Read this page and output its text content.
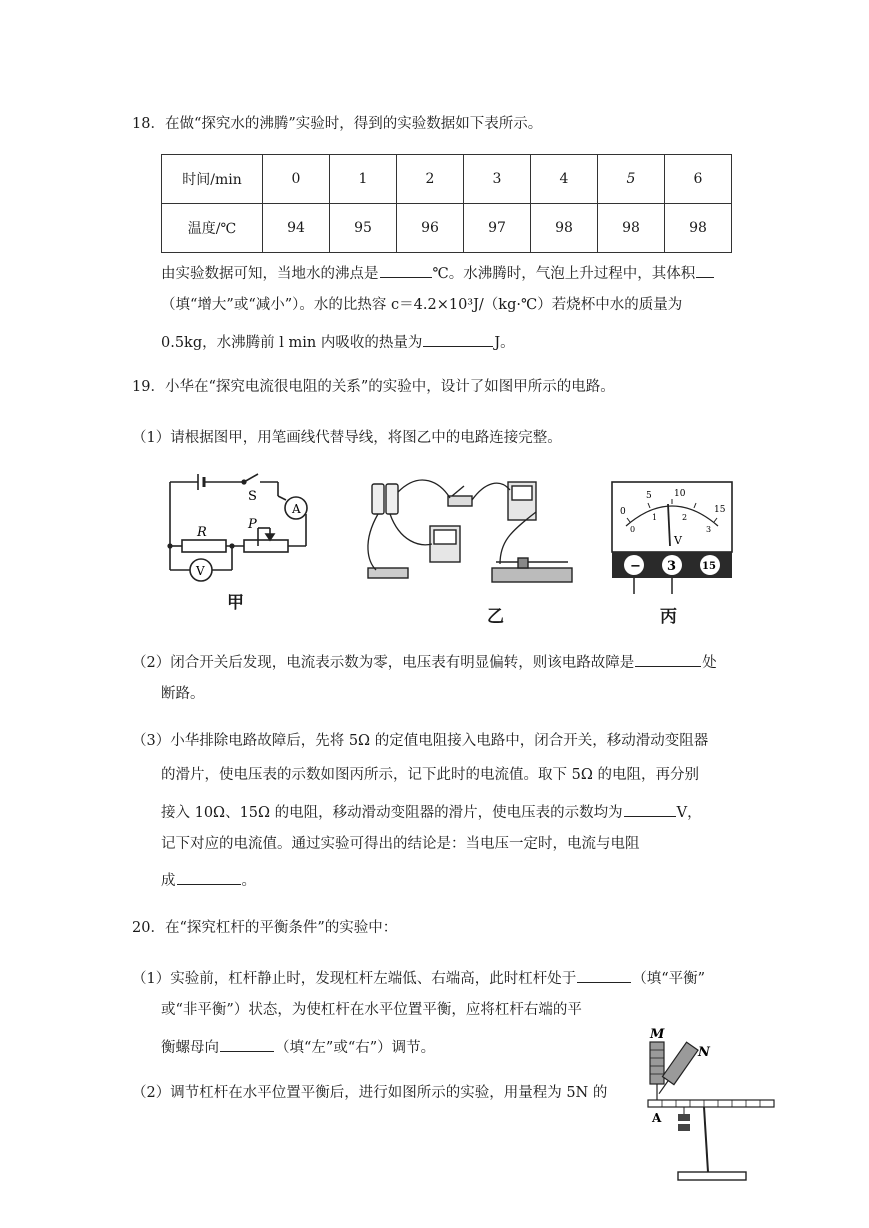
18．在做“探究水的沸腾”实验时，得到的实验数据如下表所示。
时间/min	0	1	2	3	4	5	6
温度/℃	94	95	96	97	98	98	98
由实验数据可知，当地水的沸点是	℃。水沸腾时，气泡上升过程中，其体积
（填“增大”或“减小”）。水的比热容 c＝4.2×10³J/（kg·℃）若烧杯中水的质量为
0.5kg，水沸腾前 l min 内吸收的热量为	J。
19．小华在“探究电流很电阻的关系”的实验中，设计了如图甲所示的电路。
（1）请根据图甲，用笔画线代替导线，将图乙中的电路连接完整。
S
A
R
P
V
甲
乙
0
5 10
15
0
1	2
3
V
− 3	15
丙
（2）闭合开关后发现，电流表示数为零，电压表有明显偏转，则该电路故障是	处
断路。
（3）小华排除电路故障后，先将 5Ω 的定值电阻接入电路中，闭合开关，移动滑动变阻器
的滑片，使电压表的示数如图丙所示，记下此时的电流值。取下 5Ω 的电阻，再分别
接入 10Ω、15Ω 的电阻，移动滑动变阻器的滑片，使电压表的示数均为	V，
记下对应的电流值。通过实验可得出的结论是：当电压一定时，电流与电阻
成	。
20．在“探究杠杆的平衡条件”的实验中：
（1）实验前，杠杆静止时，发现杠杆左端低、右端高，此时杠杆处于	（填“平衡”
或“非平衡”）状态，为使杠杆在水平位置平衡，应将杠杆右端的平
衡螺母向	（填“左”或“右”）调节。
（2）调节杠杆在水平位置平衡后，进行如图所示的实验，用量程为 5N 的
M
N
A
